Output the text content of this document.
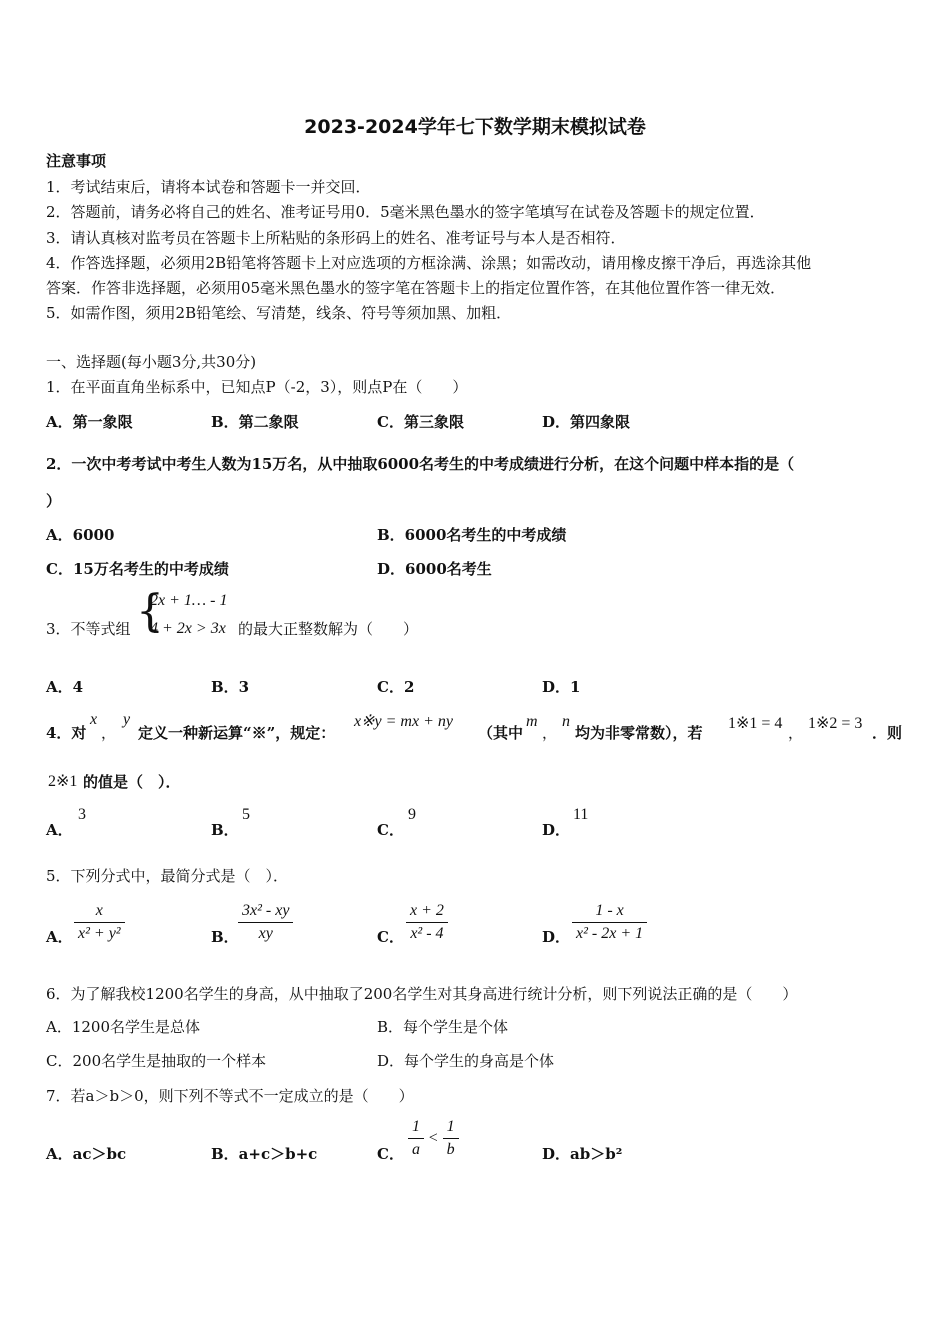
2023-2024学年七下数学期末模拟试卷
注意事项
1．考试结束后，请将本试卷和答题卡一并交回．
2．答题前，请务必将自己的姓名、准考证号用0．5毫米黑色墨水的签字笔填写在试卷及答题卡的规定位置．
3．请认真核对监考员在答题卡上所粘贴的条形码上的姓名、准考证号与本人是否相符．
4．作答选择题，必须用2B铅笔将答题卡上对应选项的方框涂满、涂黑；如需改动，请用橡皮擦干净后，再选涂其他
答案．作答非选择题，必须用05毫米黑色墨水的签字笔在答题卡上的指定位置作答，在其他位置作答一律无效．
5．如需作图，须用2B铅笔绘、写清楚，线条、符号等须加黑、加粗．
一、选择题(每小题3分,共30分)
1．在平面直角坐标系中，已知点P（-2，3），则点P在（　　）
A．第一象限	B．第二象限	C．第三象限	D．第四象限
2．一次中考考试中考生人数为15万名，从中抽取6000名考生的中考成绩进行分析，在这个问题中样本指的是（
）
A．6000	B．6000名考生的中考成绩
C．15万名考生的中考成绩	D．6000名考生
3．不等式组 {
2x + 1… - 1
4 + 2x > 3x 的最大正整数解为（　　）
A．4	B．3	C．2	D．1
4．对
x
，
y
定义一种新运算“※”，规定：
x※y = mx + ny
（其中
m
，
n
均为非零常数），若
1※1 = 4
，
1※2 = 3
．则
2※1 的值是（　）．
A．
3
B．
5
C．
9
D．
11
5．下列分式中，最简分式是（　）．
A． $\frac{x}{\text{x² + y²}}$	B． $\frac{\text{3x² - xy}}{xy}$	C． $\frac{x + 2}{\text{x² - 4}}$	D． $\frac{1 - x}{\text{x² - 2x + 1}}$
6．为了解我校1200名学生的身高，从中抽取了200名学生对其身高进行统计分析，则下列说法正确的是（　　）
A．1200名学生是总体	B．每个学生是个体
C．200名学生是抽取的一个样本	D．每个学生的身高是个体
7．若a＞b＞0，则下列不等式不一定成立的是（　　）
A．ac＞bc	B．a+c＞b+c	C． $\frac{1}{a} < \frac{1}{b}$	D．ab＞b²
